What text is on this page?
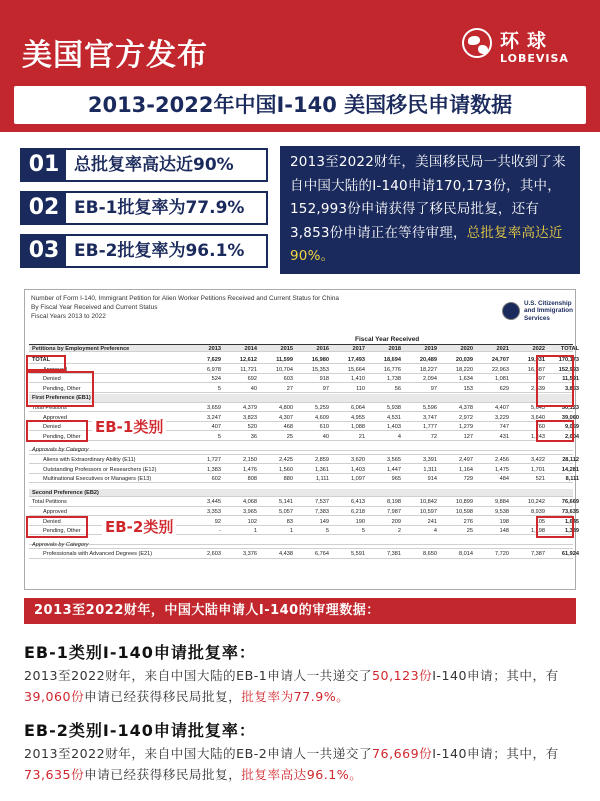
美国官方发布	环球
LOBEVISA
2013-2022年中国I-140 美国移民申请数据
01 总批复率高达近90%
02 EB-1批复率为77.9%
03 EB-2批复率为96.1%
2013至2022财年，美国移民局一共收到了来自中国大陆的I-140申请170,173份，其中，152,993份申请获得了移民局批复，还有3,853份申请正在等待审理，总批复率高达近90%。
Number of Form I-140, Immigrant Petition for Alien Worker Petitions Received and Current Status for China
By Fiscal Year Received and Current Status
Fiscal Years 2013 to 2022
U.S. Citizenship
and Immigration
Services
Fiscal Year Received
Petitions by Employment Preference	2013	2014	2015	2016	2017	2018	2019	2020	2021	2022	TOTAL
TOTAL	7,629	12,612	11,599	16,980	17,493	18,694	20,489	20,039	24,707	19,931	170,173
Approved	6,978	11,721	10,704	15,353	15,664	16,776	18,227	18,220	22,963	16,387	152,993
Denied	524	692	603	918	1,410	1,738	2,094	1,634	1,081	897	11,591
Pending, Other	5	40	27	97	110	56	97	153	629	2,639	3,853
First Preference (EB1)
Total Petitions	3,659	4,379	4,800	5,259	6,064	5,938	5,596	4,378	4,407	5,643	50,123
Approved	3,247	3,823	4,307	4,609	4,955	4,531	3,747	2,972	3,229	3,640	39,060
Denied	407	520	468	610	1,088	1,403	1,777	1,279	747	760	9,059
Pending, Other	5	36	25	40	21	4	72	127	431	1,243	2,004
Approvals by Category
Aliens with Extraordinary Ability (E11)	1,727	2,150	2,425	2,859	3,620	3,565	3,391	2,497	2,456	3,422	28,112
Outstanding Professors or Researchers (E12)	1,383	1,476	1,560	1,361	1,403	1,447	1,311	1,164	1,475	1,701	14,281
Multinational Executives or Managers (E13)	602	808	880	1,111	1,097	965	914	729	484	521	8,111
Second Preference (EB2)
Total Petitions	3,445	4,068	5,141	7,537	6,413	8,198	10,842	10,899	9,884	10,242	76,669
Approved	3,353	3,965	5,057	7,383	6,218	7,987	10,597	10,598	9,538	8,939	73,635
Denied	92	102	83	149	190	209	241	276	198	105	1,645
Pending, Other	-	1	1	5	5	2	4	25	148	1,198	1,389
Approvals by Category
Professionals with Advanced Degrees (E21)	2,603	3,376	4,438	6,764	5,591	7,381	8,650	8,014	7,720	7,387	61,924
EB-1类别
EB-2类别
2013至2022财年，中国大陆申请人I-140的审理数据：
EB-1类别I-140申请批复率：
2013至2022财年，来自中国大陆的EB-1申请人一共递交了50,123份I-140申请；其中，有39,060份申请已经获得移民局批复，批复率为77.9%。
EB-2类别I-140申请批复率：
2013至2022财年，来自中国大陆的EB-2申请人一共递交了76,669份I-140申请；其中，有73,635份申请已经获得移民局批复，批复率高达96.1%。
